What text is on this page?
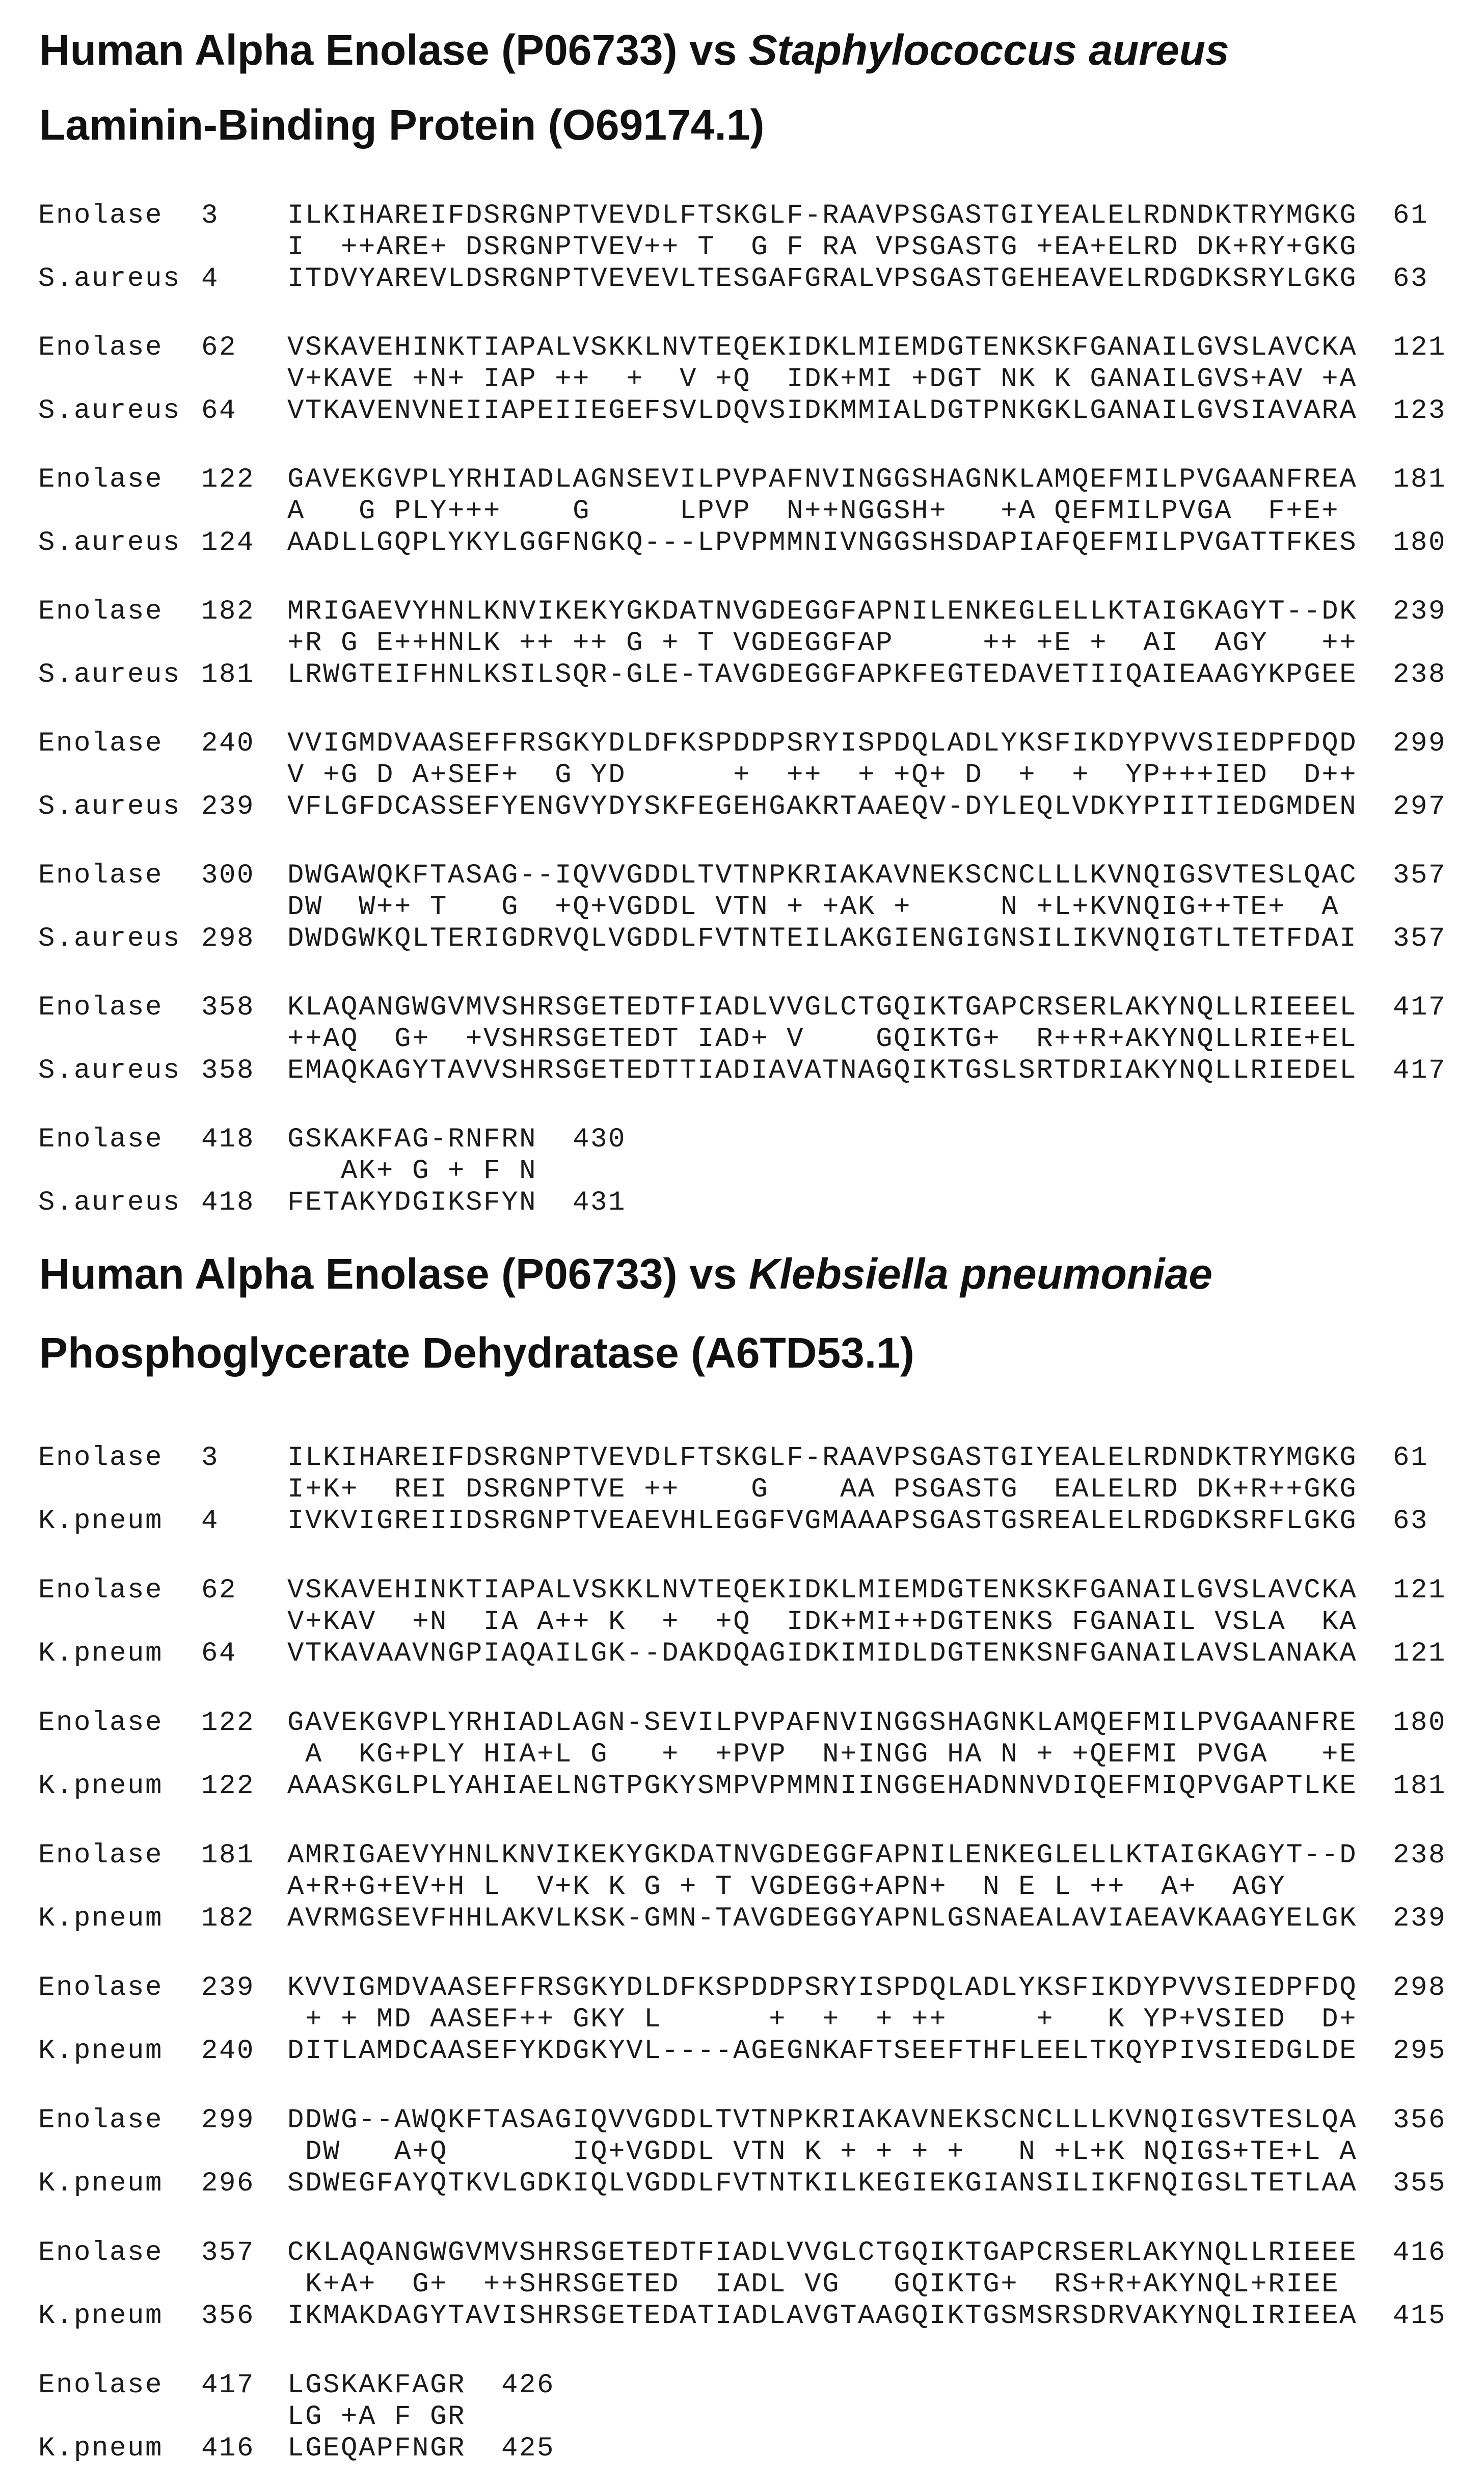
Human Alpha Enolase (P06733) vs Staphylococcus aureus
Laminin-Binding Protein (O69174.1)
Enolase 3 ILKIHAREIFDSRGNPTVEVDLFTSKGLF-RAAVPSGASTGIYEALELRDNDKTRYMGKG 61
I  ++ARE+ DSRGNPTVEV++ T  G F RA VPSGASTG +EA+ELRD DK+RY+GKG
S.aureus 4 ITDVYAREVLDSRGNPTVEVEVLTESGAFGRALVPSGASTGEHEAVELRDGDKSRYLGKG 63
Enolase 62 VSKAVEHINKTIAPALVSKKLNVTEQEKIDKLMIEMDGTENKSKFGANAILGVSLAVCKA 121
V+KAVE +N+ IAP ++  +  V +Q  IDK+MI +DGT NK K GANAILGVS+AV +A
S.aureus 64 VTKAVENVNEIIAPEIIEGEFSVLDQVSIDKMMIALDGTPNKGKLGANAILGVSIAVARA 123
Enolase 122 GAVEKGVPLYRHIADLAGNSEVILPVPAFNVINGGSHAGNKLAMQEFMILPVGAANFREA 181
A   G PLY+++    G     LPVP  N++NGGSH+   +A QEFMILPVGA  F+E+
S.aureus 124 AADLLGQPLYKYLGGFNGKQ---LPVPMMNIVNGGSHSDAPIAFQEFMILPVGATTFKES 180
Enolase 182 MRIGAEVYHNLKNVIKEKYGKDATNVGDEGGFAPNILENKEGLELLKTAIGKAGYT--DK 239
+R G E++HNLK ++ ++ G + T VGDEGGFAP     ++ +E +  AI  AGY   ++
S.aureus 181 LRWGTEIFHNLKSILSQR-GLE-TAVGDEGGFAPKFEGTEDAVETIIQAIEAAGYKPGEE 238
Enolase 240 VVIGMDVAASEFFRSGKYDLDFKSPDDPSRYISPDQLADLYKSFIKDYPVVSIEDPFDQD 299
V +G D A+SEF+  G YD      +  ++  + +Q+ D  +  +  YP+++IED  D++
S.aureus 239 VFLGFDCASSEFYENGVYDYSKFEGEHGAKRTAAEQV-DYLEQLVDKYPIITIEDGMDEN 297
Enolase 300 DWGAWQKFTASAG--IQVVGDDLTVTNPKRIAKAVNEKSCNCLLLKVNQIGSVTESLQAC 357
DW  W++ T   G  +Q+VGDDL VTN + +AK +     N +L+KVNQIG++TE+  A
S.aureus 298 DWDGWKQLTERIGDRVQLVGDDLFVTNTEILAKGIENGIGNSILIKVNQIGTLTETFDAI 357
Enolase 358 KLAQANGWGVMVSHRSGETEDTFIADLVVGLCTGQIKTGAPCRSERLAKYNQLLRIEEEL 417
++AQ  G+  +VSHRSGETEDT IAD+ V    GQIKTG+  R++R+AKYNQLLRIE+EL
S.aureus 358 EMAQKAGYTAVVSHRSGETEDTTIADIAVATNAGQIKTGSLSRTDRIAKYNQLLRIEDEL 417
Enolase 418 GSKAKFAG-RNFRN 430
AK+ G + F N
S.aureus 418 FETAKYDGIKSFYN 431
Human Alpha Enolase (P06733) vs Klebsiella pneumoniae
Phosphoglycerate Dehydratase (A6TD53.1)
Enolase 3 ILKIHAREIFDSRGNPTVEVDLFTSKGLF-RAAVPSGASTGIYEALELRDNDKTRYMGKG 61
I+K+  REI DSRGNPTVE ++    G    AA PSGASTG  EALELRD DK+R++GKG
K.pneum 4 IVKVIGREIIDSRGNPTVEAEVHLEGGFVGMAAAPSGASTGSREALELRDGDKSRFLGKG 63
Enolase 62 VSKAVEHINKTIAPALVSKKLNVTEQEKIDKLMIEMDGTENKSKFGANAILGVSLAVCKA 121
V+KAV  +N  IA A++ K  +  +Q  IDK+MI++DGTENKS FGANAIL VSLA  KA
K.pneum 64 VTKAVAAVNGPIAQAILGK--DAKDQAGIDKIMIDLDGTENKSNFGANAILAVSLANAKA 121
Enolase 122 GAVEKGVPLYRHIADLAGN-SEVILPVPAFNVINGGSHAGNKLAMQEFMILPVGAANFRE 180
A  KG+PLY HIA+L G   +  +PVP  N+INGG HA N + +QEFMI PVGA   +E
K.pneum 122 AAASKGLPLYAHIAELNGTPGKYSMPVPMMNIINGGEHADNNVDIQEFMIQPVGAPTLKE 181
Enolase 181 AMRIGAEVYHNLKNVIKEKYGKDATNVGDEGGFAPNILENKEGLELLKTAIGKAGYT--D 238
A+R+G+EV+H L  V+K K G + T VGDEGG+APN+  N E L ++  A+  AGY
K.pneum 182 AVRMGSEVFHHLAKVLKSK-GMN-TAVGDEGGYAPNLGSNAEALAVIAEAVKAAGYELGK 239
Enolase 239 KVVIGMDVAASEFFRSGKYDLDFKSPDDPSRYISPDQLADLYKSFIKDYPVVSIEDPFDQ 298
+ + MD AASEF++ GKY L      +  +  + ++     +   K YP+VSIED  D+
K.pneum 240 DITLAMDCAASEFYKDGKYVL----AGEGNKAFTSEEFTHFLEELTKQYPIVSIEDGLDE 295
Enolase 299 DDWG--AWQKFTASAGIQVVGDDLTVTNPKRIAKAVNEKSCNCLLLKVNQIGSVTESLQA 356
DW   A+Q       IQ+VGDDL VTN K + + + +   N +L+K NQIGS+TE+L A
K.pneum 296 SDWEGFAYQTKVLGDKIQLVGDDLFVTNTKILKEGIEKGIANSILIKFNQIGSLTETLAA 355
Enolase 357 CKLAQANGWGVMVSHRSGETEDTFIADLVVGLCTGQIKTGAPCRSERLAKYNQLLRIEEE 416
K+A+  G+  ++SHRSGETED  IADL VG   GQIKTG+  RS+R+AKYNQL+RIEE
K.pneum 356 IKMAKDAGYTAVISHRSGETEDATIADLAVGTAAGQIKTGSMSRSDRVAKYNQLIRIEEA 415
Enolase 417 LGSKAKFAGR 426
LG +A F GR
K.pneum 416 LGEQAPFNGR 425
